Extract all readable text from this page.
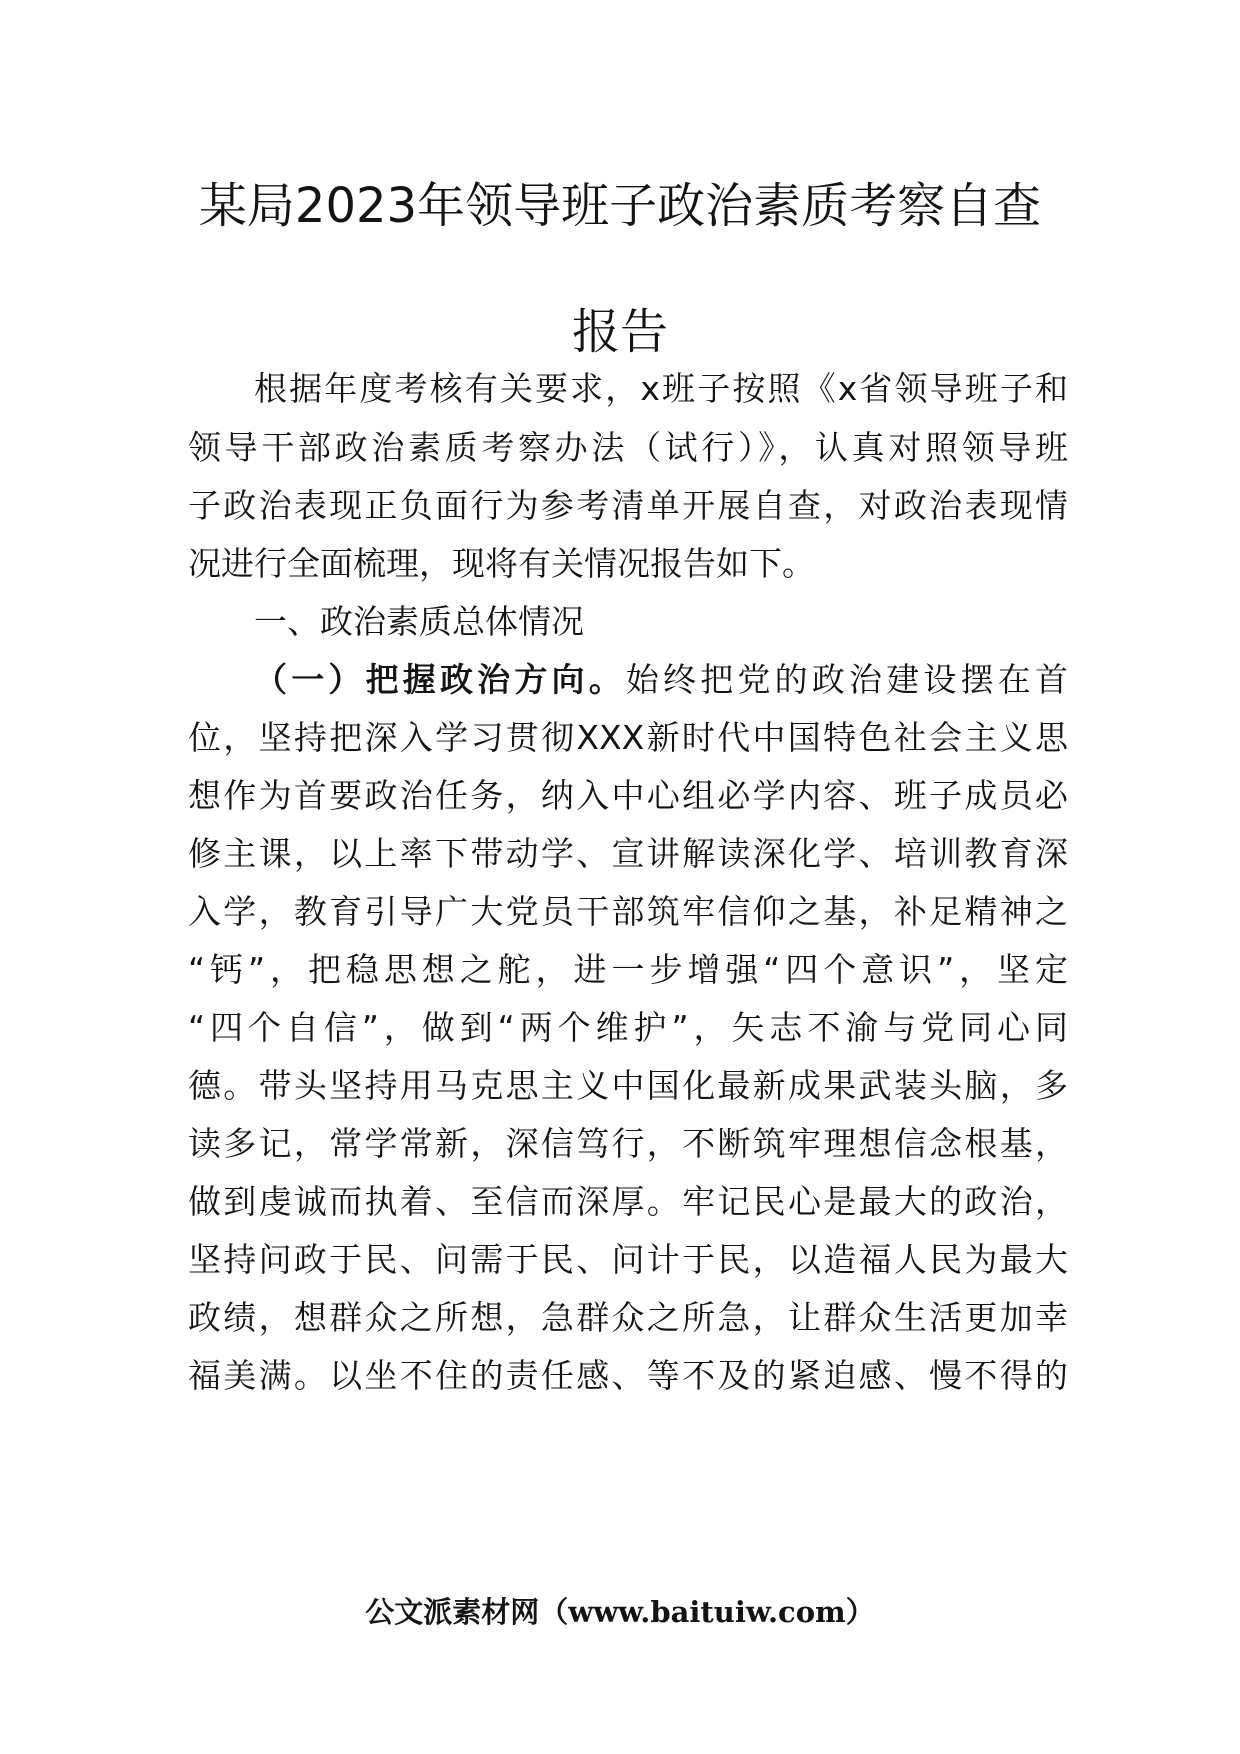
某局2023年领导班子政治素质考察自查
报告

根据年度考核有关要求，x班子按照《x省领导班子和

领导干部政治素质考察办法（试行）》，认真对照领导班

子政治表现正负面行为参考清单开展自查，对政治表现情

况进行全面梳理，现将有关情况报告如下。

一、政治素质总体情况

（一）把握政治方向。始终把党的政治建设摆在首

位，坚持把深入学习贯彻XXX新时代中国特色社会主义思

想作为首要政治任务，纳入中心组必学内容、班子成员必

修主课，以上率下带动学、宣讲解读深化学、培训教育深

入学，教育引导广大党员干部筑牢信仰之基，补足精神之

“钙”，把稳思想之舵，进一步增强“四个意识”，坚定

“四个自信”，做到“两个维护”，矢志不渝与党同心同

德。带头坚持用马克思主义中国化最新成果武装头脑，多

读多记，常学常新，深信笃行，不断筑牢理想信念根基，

做到虔诚而执着、至信而深厚。牢记民心是最大的政治，

坚持问政于民、问需于民、问计于民，以造福人民为最大

政绩，想群众之所想，急群众之所急，让群众生活更加幸

福美满。以坐不住的责任感、等不及的紧迫感、慢不得的

公文派素材网（www.baituiw.com）
